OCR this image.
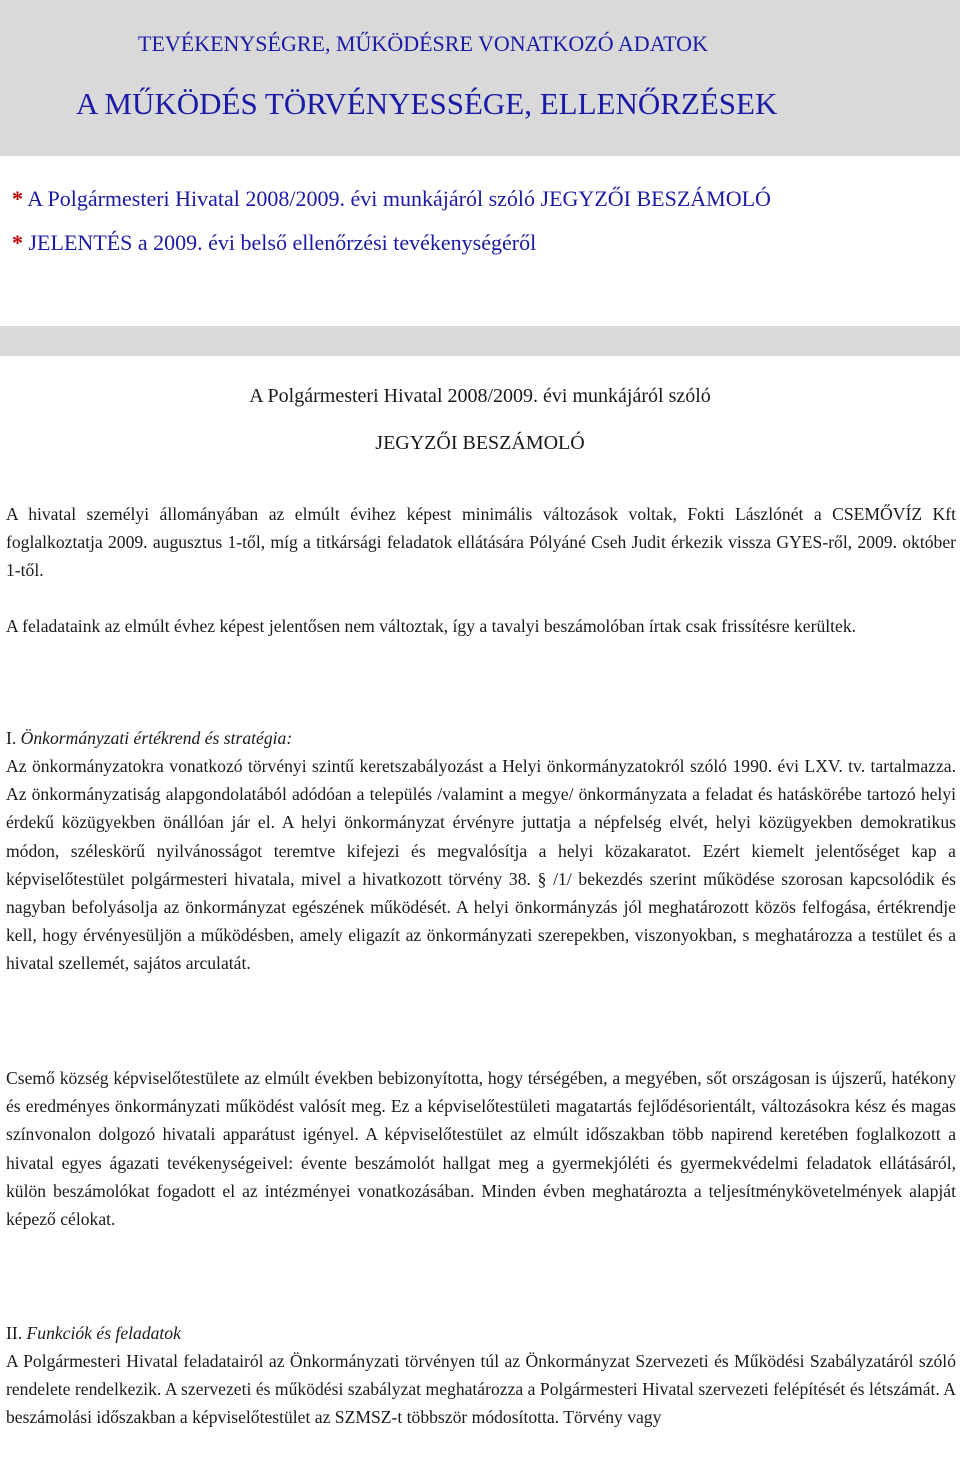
TEVÉKENYSÉGRE, MŰKÖDÉSRE VONATKOZÓ ADATOK
A MŰKÖDÉS TÖRVÉNYESSÉGE, ELLENŐRZÉSEK

* A Polgármesteri Hivatal 2008/2009. évi munkájáról szóló JEGYZŐI BESZÁMOLÓ

* JELENTÉS a 2009. évi belső ellenőrzési tevékenységéről

A Polgármesteri Hivatal 2008/2009. évi munkájáról szóló
JEGYZŐI BESZÁMOLÓ

A hivatal személyi állományában az elmúlt évihez képest minimális változások voltak, Fokti Lászlónét a CSEMŐVÍZ Kft foglalkoztatja 2009. augusztus 1-től, míg a titkársági feladatok ellátására Pólyáné Cseh Judit érkezik vissza GYES-ről, 2009. október 1-től.

A feladataink az elmúlt évhez képest jelentősen nem változtak, így a tavalyi beszámolóban írtak csak frissítésre kerültek.

I. Önkormányzati értékrend és stratégia:

Az önkormányzatokra vonatkozó törvényi szintű keretszabályozást a Helyi önkormányzatokról szóló 1990. évi LXV. tv. tartalmazza. Az önkormányzatiság alapgondolatából adódóan a település /valamint a megye/ önkormányzata a feladat és hatáskörébe tartozó helyi érdekű közügyekben önállóan jár el. A helyi önkormányzat érvényre juttatja a népfelség elvét, helyi közügyekben demokratikus módon, széleskörű nyilvánosságot teremtve kifejezi és megvalósítja a helyi közakaratot. Ezért kiemelt jelentőséget kap a képviselőtestület polgármesteri hivatala, mivel a hivatkozott törvény 38. § /1/ bekezdés szerint működése szorosan kapcsolódik és nagyban befolyásolja az önkormányzat egészének működését. A helyi önkormányzás jól meghatározott közös felfogása, értékrendje kell, hogy érvényesüljön a működésben, amely eligazít az önkormányzati szerepekben, viszonyokban, s meghatározza a testület és a hivatal szellemét, sajátos arculatát.

Csemő község képviselőtestülete az elmúlt években bebizonyította, hogy térségében, a megyében, sőt országosan is újszerű, hatékony és eredményes önkormányzati működést valósít meg. Ez a képviselőtestületi magatartás fejlődésorientált, változásokra kész és magas színvonalon dolgozó hivatali apparátust igényel. A képviselőtestület az elmúlt időszakban több napirend keretében foglalkozott a hivatal egyes ágazati tevékenységeivel: évente beszámolót hallgat meg a gyermekjóléti és gyermekvédelmi feladatok ellátásáról, külön beszámolókat fogadott el az intézményei vonatkozásában. Minden évben meghatározta a teljesítménykövetelmények alapját képező célokat.

II. Funkciók és feladatok

A Polgármesteri Hivatal feladatairól az Önkormányzati törvényen túl az Önkormányzat Szervezeti és Működési Szabályzatáról szóló rendelete rendelkezik. A szervezeti és működési szabályzat meghatározza a Polgármesteri Hivatal szervezeti felépítését és létszámát. A beszámolási időszakban a képviselőtestület az SZMSZ-t többször módosította. Törvény vagy
